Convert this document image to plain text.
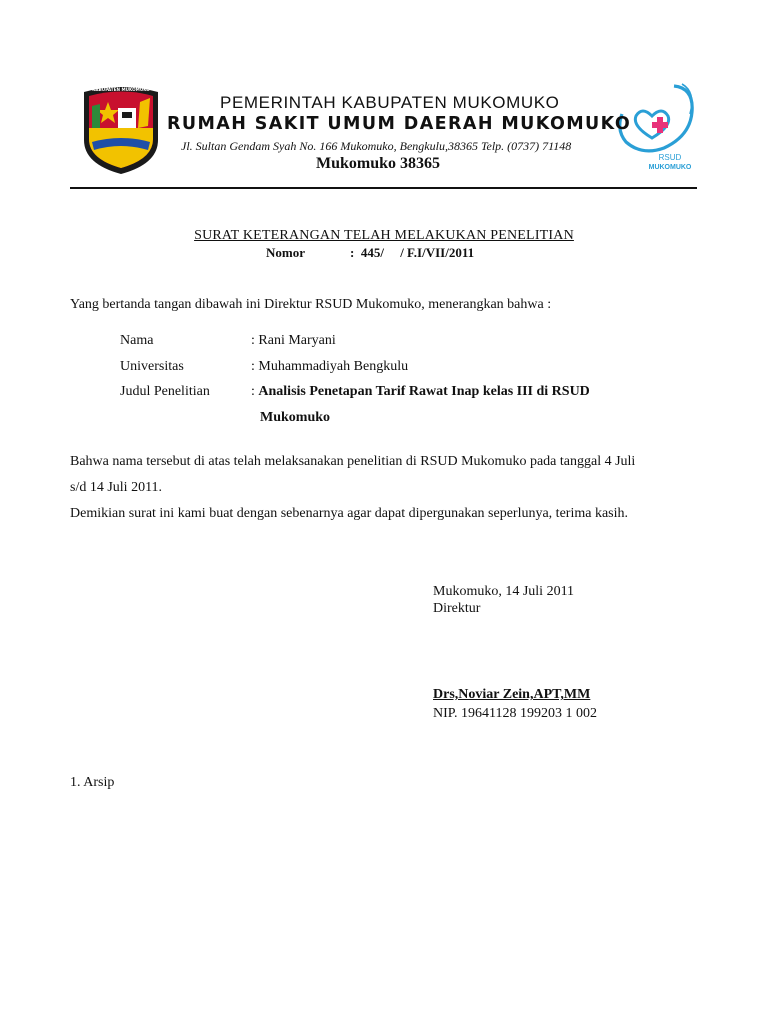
KABUPATEN MUKOMUKO
RSUD
MUKOMUKO
PEMERINTAH KABUPATEN MUKOMUKO
RUMAH SAKIT UMUM DAERAH MUKOMUKO
Jl. Sultan Gendam Syah No. 166 Mukomuko, Bengkulu,38365 Telp. (0737) 71148
Mukomuko 38365
SURAT KETERANGAN TELAH MELAKUKAN PENELITIAN
Nomor	:  445/     / F.I/VII/2011
Yang bertanda tangan dibawah ini Direktur RSUD Mukomuko, menerangkan bahwa :
Nama	: Rani Maryani
Universitas	: Muhammadiyah Bengkulu
Judul Penelitian	: Analisis Penetapan Tarif Rawat Inap kelas III di RSUD
Mukomuko
Bahwa nama tersebut di atas telah melaksanakan penelitian di RSUD Mukomuko pada tanggal 4 Juli
s/d 14 Juli 2011.
Demikian surat ini kami buat dengan sebenarnya agar dapat dipergunakan seperlunya, terima kasih.
Mukomuko, 14 Juli 2011
Direktur
Drs,Noviar Zein,APT,MM
NIP. 19641128 199203 1 002
1. Arsip
